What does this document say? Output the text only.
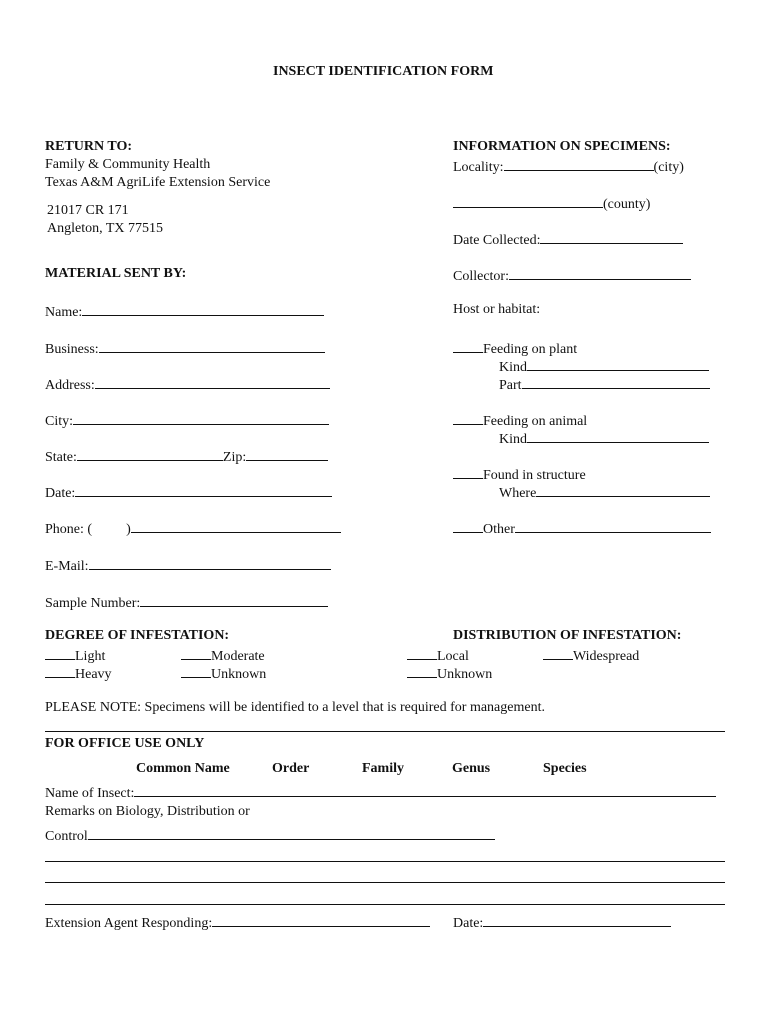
INSECT IDENTIFICATION FORM
RETURN TO:
Family & Community Health
Texas A&M AgriLife Extension Service
21017 CR 171
Angleton, TX 77515
MATERIAL SENT BY:
Name:
Business:
Address:
City:
State:	Zip:
Date:
Phone: ( )
E-Mail:
Sample Number:
INFORMATION ON SPECIMENS:
Locality:	(city)
(county)
Date Collected:
Collector:
Host or habitat:
Feeding on plant
Kind
Part
Feeding on animal
Kind
Found in structure
Where
Other
DEGREE OF INFESTATION:
Light	Moderate
Heavy	Unknown
DISTRIBUTION OF INFESTATION:
Local	Widespread
Unknown
PLEASE NOTE: Specimens will be identified to a level that is required for management.
FOR OFFICE USE ONLY
Common Name	Order	Family	Genus	Species
Name of Insect:
Remarks on Biology, Distribution or
Control
Extension Agent Responding:	Date:
